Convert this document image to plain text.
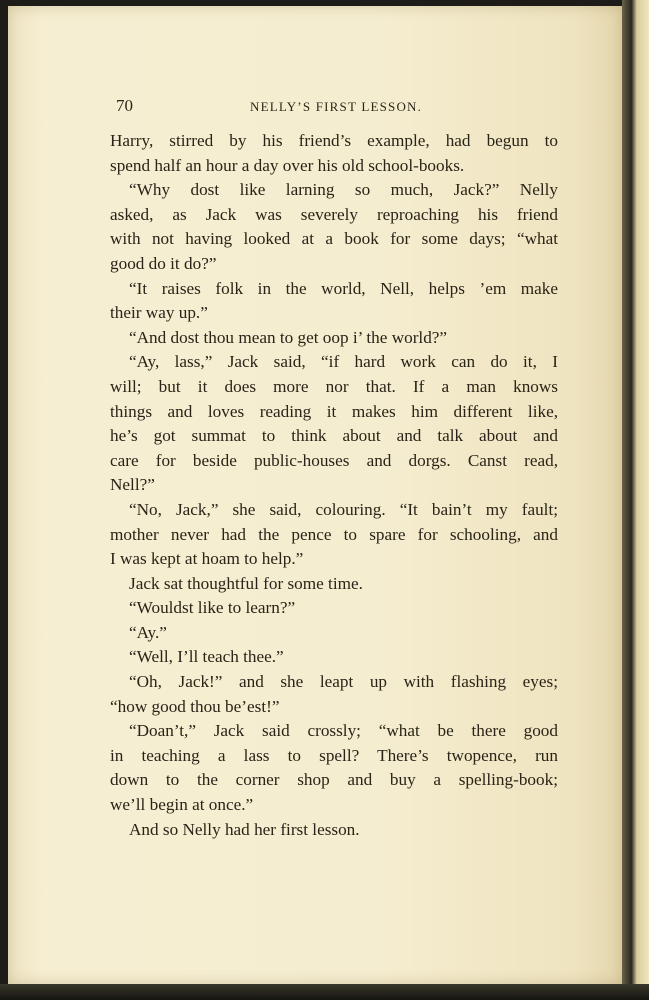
70	NELLY’S FIRST LESSON.
Harry, stirred by his friend’s example, had begun to
spend half an hour a day over his old school-books.
“Why dost like larning so much, Jack?” Nelly
asked, as Jack was severely reproaching his friend
with not having looked at a book for some days; “what
good do it do?”
“It raises folk in the world, Nell, helps ’em make
their way up.”
“And dost thou mean to get oop i’ the world?”
“Ay, lass,” Jack said, “if hard work can do it, I
will; but it does more nor that. If a man knows
things and loves reading it makes him different like,
he’s got summat to think about and talk about and
care for beside public-houses and dorgs. Canst read,
Nell?”
“No, Jack,” she said, colouring. “It bain’t my fault;
mother never had the pence to spare for schooling, and
I was kept at hoam to help.”
Jack sat thoughtful for some time.
“Wouldst like to learn?”
“Ay.”
“Well, I’ll teach thee.”
“Oh, Jack!” and she leapt up with flashing eyes;
“how good thou be’est!”
“Doan’t,” Jack said crossly; “what be there good
in teaching a lass to spell? There’s twopence, run
down to the corner shop and buy a spelling-book;
we’ll begin at once.”
And so Nelly had her first lesson.
